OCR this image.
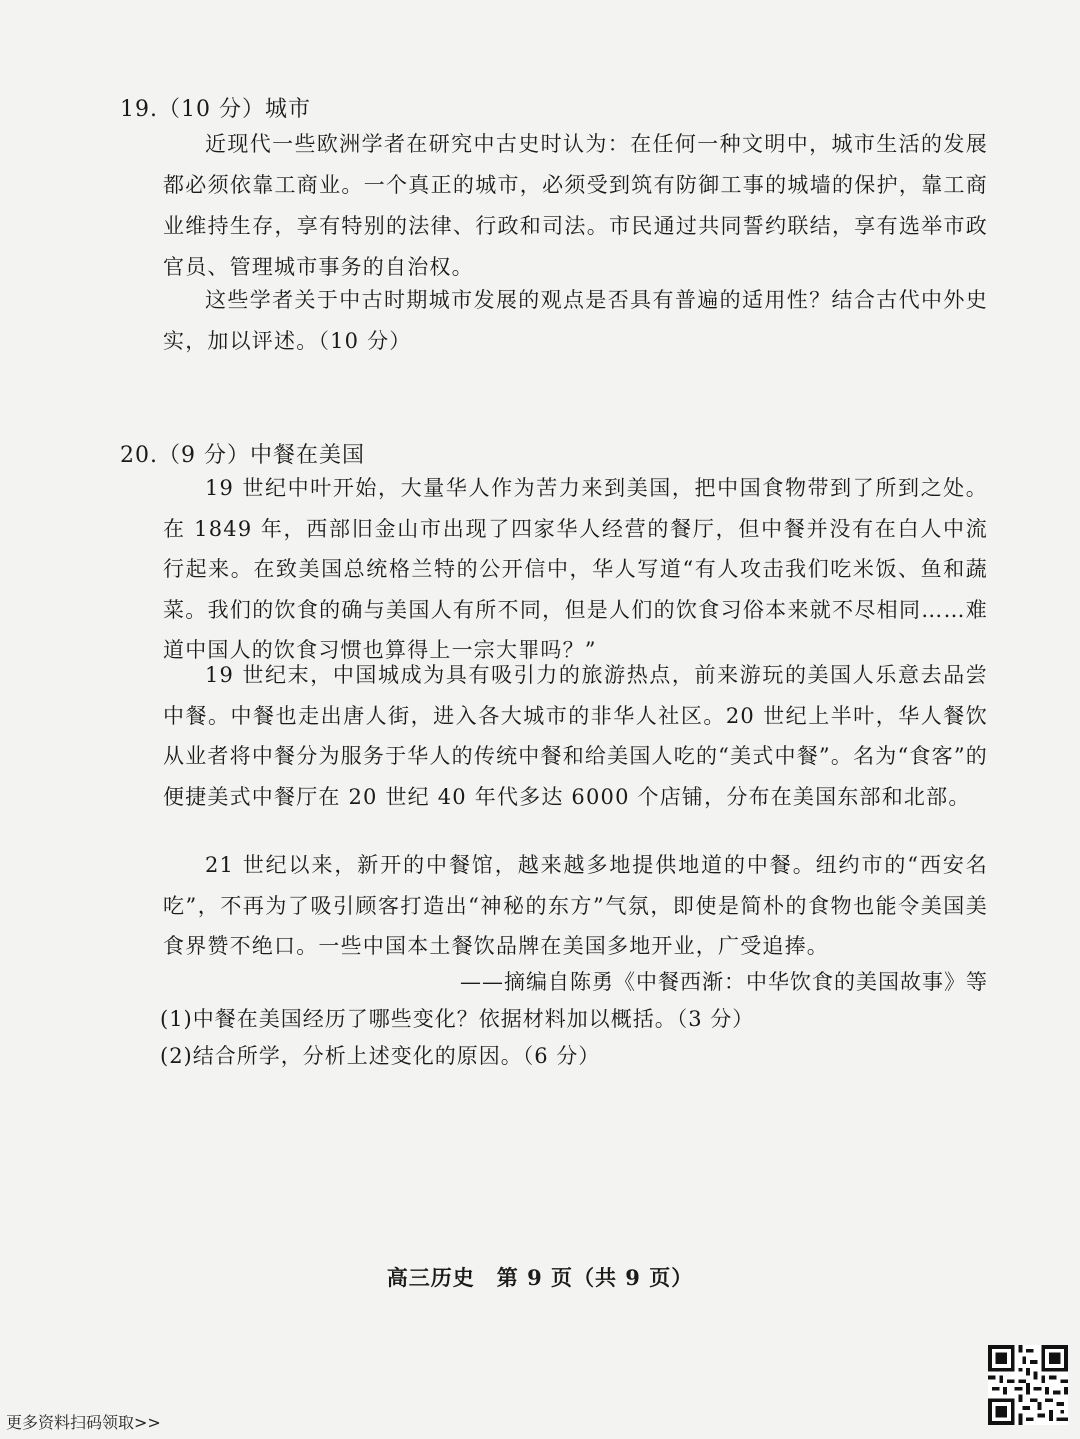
19.（10 分）城市

近现代一些欧洲学者在研究中古史时认为：在任何一种文明中，城市生活的发展都必须依靠工商业。一个真正的城市，必须受到筑有防御工事的城墙的保护，靠工商业维持生存，享有特别的法律、行政和司法。市民通过共同誓约联结，享有选举市政官员、管理城市事务的自治权。

这些学者关于中古时期城市发展的观点是否具有普遍的适用性？结合古代中外史实，加以评述。（10 分）

20.（9 分）中餐在美国

19 世纪中叶开始，大量华人作为苦力来到美国，把中国食物带到了所到之处。在 1849 年，西部旧金山市出现了四家华人经营的餐厅，但中餐并没有在白人中流行起来。在致美国总统格兰特的公开信中，华人写道“有人攻击我们吃米饭、鱼和蔬菜。我们的饮食的确与美国人有所不同，但是人们的饮食习俗本来就不尽相同……难道中国人的饮食习惯也算得上一宗大罪吗？”

19 世纪末，中国城成为具有吸引力的旅游热点，前来游玩的美国人乐意去品尝中餐。中餐也走出唐人街，进入各大城市的非华人社区。20 世纪上半叶，华人餐饮从业者将中餐分为服务于华人的传统中餐和给美国人吃的“美式中餐”。名为“食客”的便捷美式中餐厅在 20 世纪 40 年代多达 6000 个店铺，分布在美国东部和北部。

21 世纪以来，新开的中餐馆，越来越多地提供地道的中餐。纽约市的“西安名吃”，不再为了吸引顾客打造出“神秘的东方”气氛，即使是简朴的食物也能令美国美食界赞不绝口。一些中国本土餐饮品牌在美国多地开业，广受追捧。

——摘编自陈勇《中餐西渐：中华饮食的美国故事》等
(1)中餐在美国经历了哪些变化？依据材料加以概括。（3 分）
(2)结合所学，分析上述变化的原因。（6 分）
高三历史　第 9 页（共 9 页）
更多资料扫码领取>>
